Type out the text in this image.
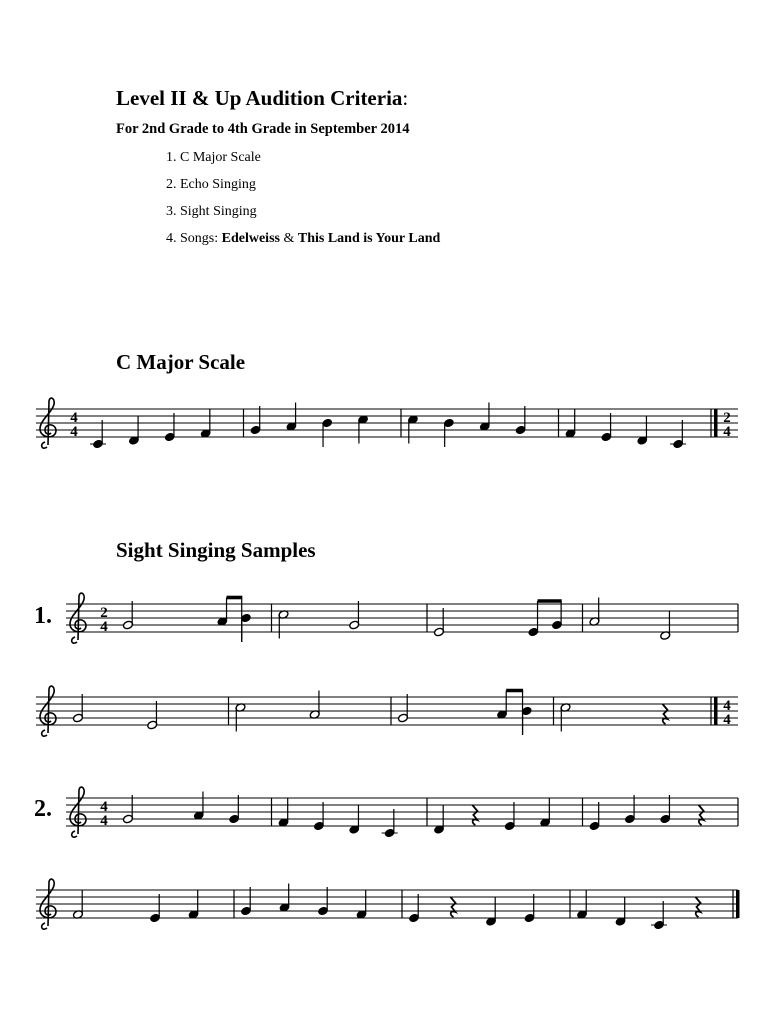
Level II & Up Audition Criteria:
For 2nd Grade to 4th Grade in September 2014
1. C Major Scale
2. Echo Singing
3. Sight Singing
4. Songs: Edelweiss & This Land is Your Land
C Major Scale
Sight Singing Samples
1.
2.
4
4
2
4
2
4
4
4
4
4
